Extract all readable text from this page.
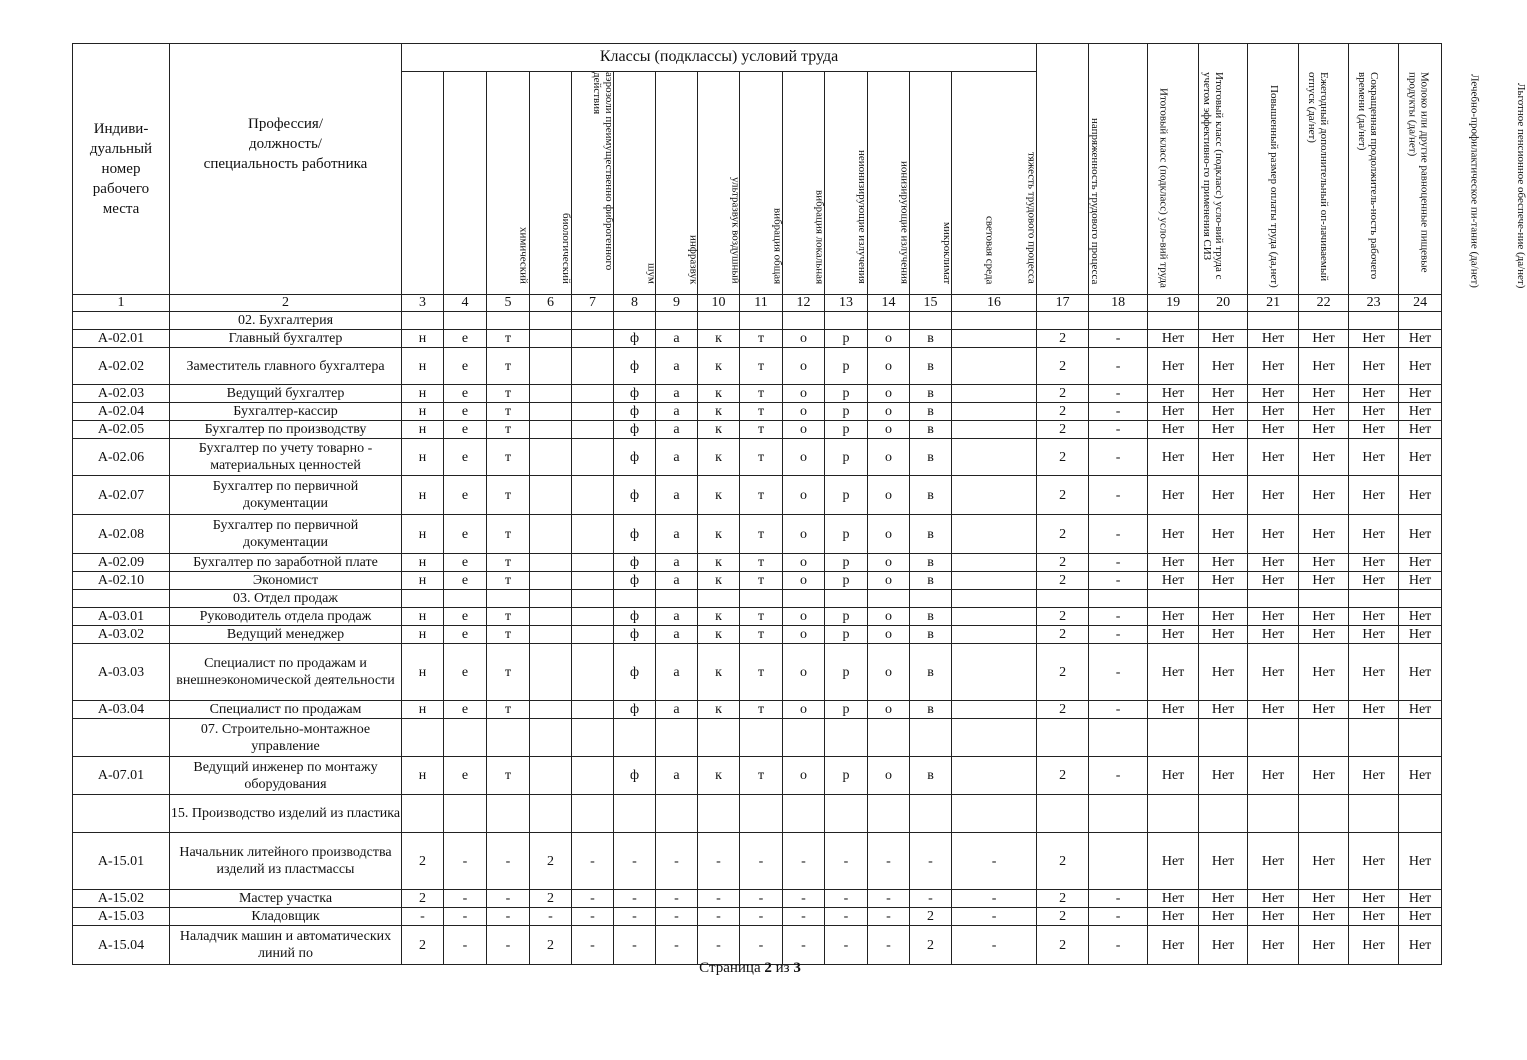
Индиви-
дуальный
номер
рабочего
места	Профессия/
должность/
специальность работника	Классы (подклассы) условий труда														Итоговый класс (подкласс) усло-вий труда	Итоговый класс (подкласс) усло-вий труда с учетом эффективно-го применения СИЗ	Повышенный размер оплаты труда (да,нет)	Ежегодный дополнительный оп-лачиваемый отпуск (да/нет)	Сокращенная продолжитель-ность рабочего времени (да/нет)	Молоко или другие равноценные пищевые продукты (да/нет)	Лечебно-профилактическое пи-тание (да/нет)	Льготное пенсионное обеспече-ние (да/нет)

		химический	биологический	аэрозоли преимущественно фиброгенного действия	шум	инфразвук	ультразвук воздушный	вибрация общая	вибрация локальная	неионизирующие излучения	ионизирующие излучения	микроклимат	световая среда	тяжесть трудового процесса	напряженность трудового процесса								

1	2	3	4	5	6	7	8	9	10	11	12	13	14	15	16	17	18	19	20	21	22	23	24
	02. Бухгалтерия																						
А-02.01	Главный бухгалтер	н	е	т			ф	а	к	т	о	р	о	в		2	-	Нет	Нет	Нет	Нет	Нет	Нет
А-02.02	Заместитель главного бухгалтера	н	е	т			ф	а	к	т	о	р	о	в		2	-	Нет	Нет	Нет	Нет	Нет	Нет
А-02.03	Ведущий бухгалтер	н	е	т			ф	а	к	т	о	р	о	в		2	-	Нет	Нет	Нет	Нет	Нет	Нет
А-02.04	Бухгалтер-кассир	н	е	т			ф	а	к	т	о	р	о	в		2	-	Нет	Нет	Нет	Нет	Нет	Нет
А-02.05	Бухгалтер по производству	н	е	т			ф	а	к	т	о	р	о	в		2	-	Нет	Нет	Нет	Нет	Нет	Нет
А-02.06	Бухгалтер по учету товарно - материальных ценностей	н	е	т			ф	а	к	т	о	р	о	в		2	-	Нет	Нет	Нет	Нет	Нет	Нет
А-02.07	Бухгалтер по первичной документации	н	е	т			ф	а	к	т	о	р	о	в		2	-	Нет	Нет	Нет	Нет	Нет	Нет
А-02.08	Бухгалтер по первичной документации	н	е	т			ф	а	к	т	о	р	о	в		2	-	Нет	Нет	Нет	Нет	Нет	Нет
А-02.09	Бухгалтер по заработной плате	н	е	т			ф	а	к	т	о	р	о	в		2	-	Нет	Нет	Нет	Нет	Нет	Нет
А-02.10	Экономист	н	е	т			ф	а	к	т	о	р	о	в		2	-	Нет	Нет	Нет	Нет	Нет	Нет
	03. Отдел продаж																						
А-03.01	Руководитель отдела продаж	н	е	т			ф	а	к	т	о	р	о	в		2	-	Нет	Нет	Нет	Нет	Нет	Нет
А-03.02	Ведущий менеджер	н	е	т			ф	а	к	т	о	р	о	в		2	-	Нет	Нет	Нет	Нет	Нет	Нет
А-03.03	Специалист по продажам и внешнеэкономической деятельности	н	е	т			ф	а	к	т	о	р	о	в		2	-	Нет	Нет	Нет	Нет	Нет	Нет
А-03.04	Специалист по продажам	н	е	т			ф	а	к	т	о	р	о	в		2	-	Нет	Нет	Нет	Нет	Нет	Нет
	07. Строительно-монтажное управление																						
А-07.01	Ведущий инженер по монтажу оборудования	н	е	т			ф	а	к	т	о	р	о	в		2	-	Нет	Нет	Нет	Нет	Нет	Нет
	15. Производство изделий из пластика																						
А-15.01	Начальник литейного производства изделий из пластмассы	2	-	-	2	-	-	-	-	-	-	-	-	-	-	2		Нет	Нет	Нет	Нет	Нет	Нет
А-15.02	Мастер участка	2	-	-	2	-	-	-	-	-	-	-	-	-	-	2	-	Нет	Нет	Нет	Нет	Нет	Нет
А-15.03	Кладовщик	-	-	-	-	-	-	-	-	-	-	-	-	2	-	2	-	Нет	Нет	Нет	Нет	Нет	Нет
А-15.04	Наладчик машин и автоматических линий по	2	-	-	2	-	-	-	-	-	-	-	-	2	-	2	-	Нет	Нет	Нет	Нет	Нет	Нет
Страница 2 из 3
